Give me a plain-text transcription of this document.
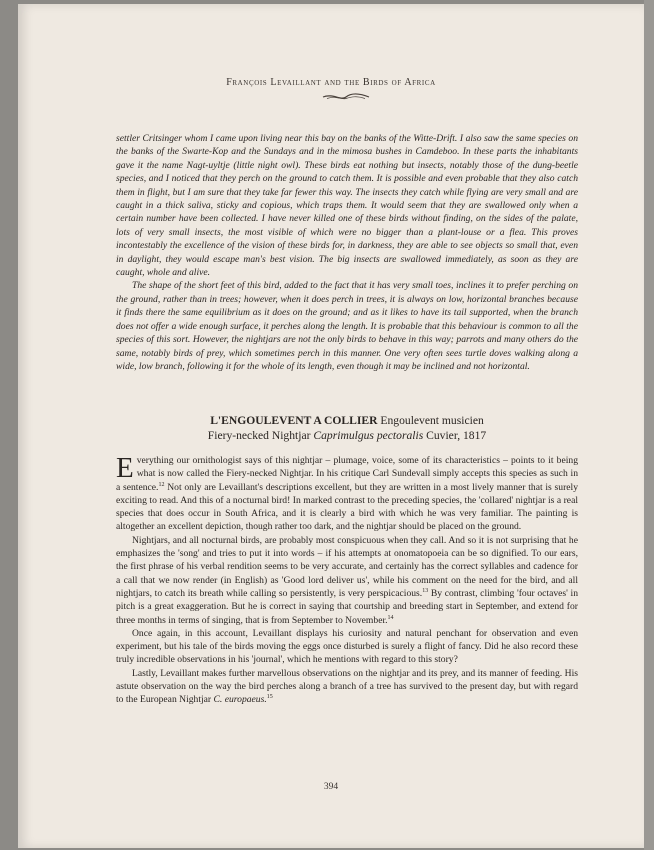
François Levaillant and the Birds of Africa

settler Critsinger whom I came upon living near this bay on the banks of the Witte-Drift. I also saw the same species on the banks of the Swarte-Kop and the Sundays and in the mimosa bushes in Camdeboo. In these parts the inhabitants gave it the name Nagt-uyltje (little night owl). These birds eat nothing but insects, notably those of the dung-beetle species, and I noticed that they perch on the ground to catch them. It is possible and even probable that they also catch them in flight, but I am sure that they take far fewer this way. The insects they catch while flying are very small and are caught in a thick saliva, sticky and copious, which traps them. It would seem that they are swallowed only when a certain number have been collected. I have never killed one of these birds without finding, on the sides of the palate, lots of very small insects, the most visible of which were no bigger than a plant-louse or a flea. This proves incontestably the excellence of the vision of these birds for, in darkness, they are able to see objects so small that, even in daylight, they would escape man's best vision. The big insects are swallowed immediately, as soon as they are caught, whole and alive.

The shape of the short feet of this bird, added to the fact that it has very small toes, inclines it to prefer perching on the ground, rather than in trees; however, when it does perch in trees, it is always on low, horizontal branches because it finds there the same equilibrium as it does on the ground; and as it likes to have its tail supported, when the branch does not offer a wide enough surface, it perches along the length. It is probable that this behaviour is common to all the species of this sort. However, the nightjars are not the only birds to behave in this way; parrots and many others do the same, notably birds of prey, which sometimes perch in this manner. One very often sees turtle doves walking along a wide, low branch, following it for the whole of its length, even though it may be inclined and not horizontal.

L'ENGOULEVENT A COLLIER Engoulevent musicien
Fiery-necked Nightjar Caprimulgus pectoralis Cuvier, 1817

Everything our ornithologist says of this nightjar – plumage, voice, some of its characteristics – points to it being what is now called the Fiery-necked Nightjar. In his critique Carl Sundevall simply accepts this species as such in a sentence.$^{12}$ Not only are Levaillant's descriptions excellent, but they are written in a most lively manner that is surely exciting to read. And this of a nocturnal bird! In marked contrast to the preceding species, the 'collared' nightjar is a real species that does occur in South Africa, and it is clearly a bird with which he was very familiar. The painting is altogether an excellent depiction, though rather too dark, and the nightjar should be placed on the ground.

Nightjars, and all nocturnal birds, are probably most conspicuous when they call. And so it is not surprising that he emphasizes the 'song' and tries to put it into words – if his attempts at onomatopoeia can be so dignified. To our ears, the first phrase of his verbal rendition seems to be very accurate, and certainly has the correct syllables and cadence for a call that we now render (in English) as 'Good lord deliver us', while his comment on the need for the bird, and all nightjars, to catch its breath while calling so persistently, is very perspicacious.$^{13}$ By contrast, climbing 'four octaves' in pitch is a great exaggeration. But he is correct in saying that courtship and breeding start in September, and extend for three months in terms of singing, that is from September to November.$^{14}$

Once again, in this account, Levaillant displays his curiosity and natural penchant for observation and even experiment, but his tale of the birds moving the eggs once disturbed is surely a flight of fancy. Did he also record these truly incredible observations in his 'journal', which he mentions with regard to this story?

Lastly, Levaillant makes further marvellous observations on the nightjar and its prey, and its manner of feeding. His astute observation on the way the bird perches along a branch of a tree has survived to the present day, but with regard to the European Nightjar C. europaeus.$^{15}$

394
